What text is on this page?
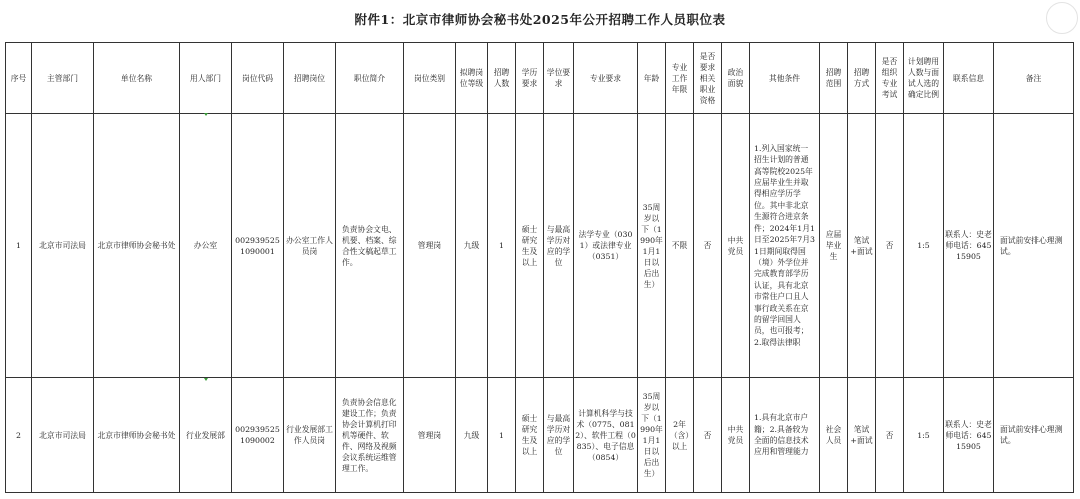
附件1：北京市律师协会秘书处2025年公开招聘工作人员职位表
序号	主管部门	单位名称	用人部门	岗位代码	招聘岗位	职位简介	岗位类别	拟聘岗位等级	招聘人数	学历要求	学位要求	专业要求	年龄	专业工作年限	是否要求相关职业资格	政治面貌	其他条件	招聘范围	招聘方式	是否组织专业考试	计划聘用人数与面试人选的确定比例	联系信息	备注
1	北京市司法局	北京市律师协会秘书处	办公室	0029395251090001	办公室工作人员岗	负责协会文电、机要、档案、综合性文稿起草工作。	管理岗	九级	1	硕士研究生及以上	与最高学历对应的学位	法学专业（0301）或法律专业（0351）	35周岁以下（1990年1月1日以后出生）	不限	否	中共党员	1.列入国家统一招生计划的普通高等院校2025年应届毕业生并取得相应学历学位。其中非北京生源符合进京条件；2024年1月1日至2025年7月31日期间取得国（境）外学位并完成教育部学历认证，具有北京市常住户口且人事行政关系在京的留学回国人员，也可报考；2.取得法律职	应届毕业生	笔试+面试	否	1:5	联系人：史老师电话：64515905	面试前安排心理测试。
2	北京市司法局	北京市律师协会秘书处	行业发展部	0029395251090002	行业发展部工作人员岗	负责协会信息化建设工作；负责协会计算机打印机等硬件、软件、网络及视频会议系统运维管理工作。	管理岗	九级	1	硕士研究生及以上	与最高学历对应的学位	计算机科学与技术（0775、0812）、软件工程（0835）、电子信息（0854）	35周岁以下（1990年1月1日以后出生）	2年（含）以上	否	中共党员	1.具有北京市户籍；2.具备较为全面的信息技术应用和管理能力	社会人员	笔试+面试	否	1:5	联系人：史老师电话：64515905	面试前安排心理测试。
